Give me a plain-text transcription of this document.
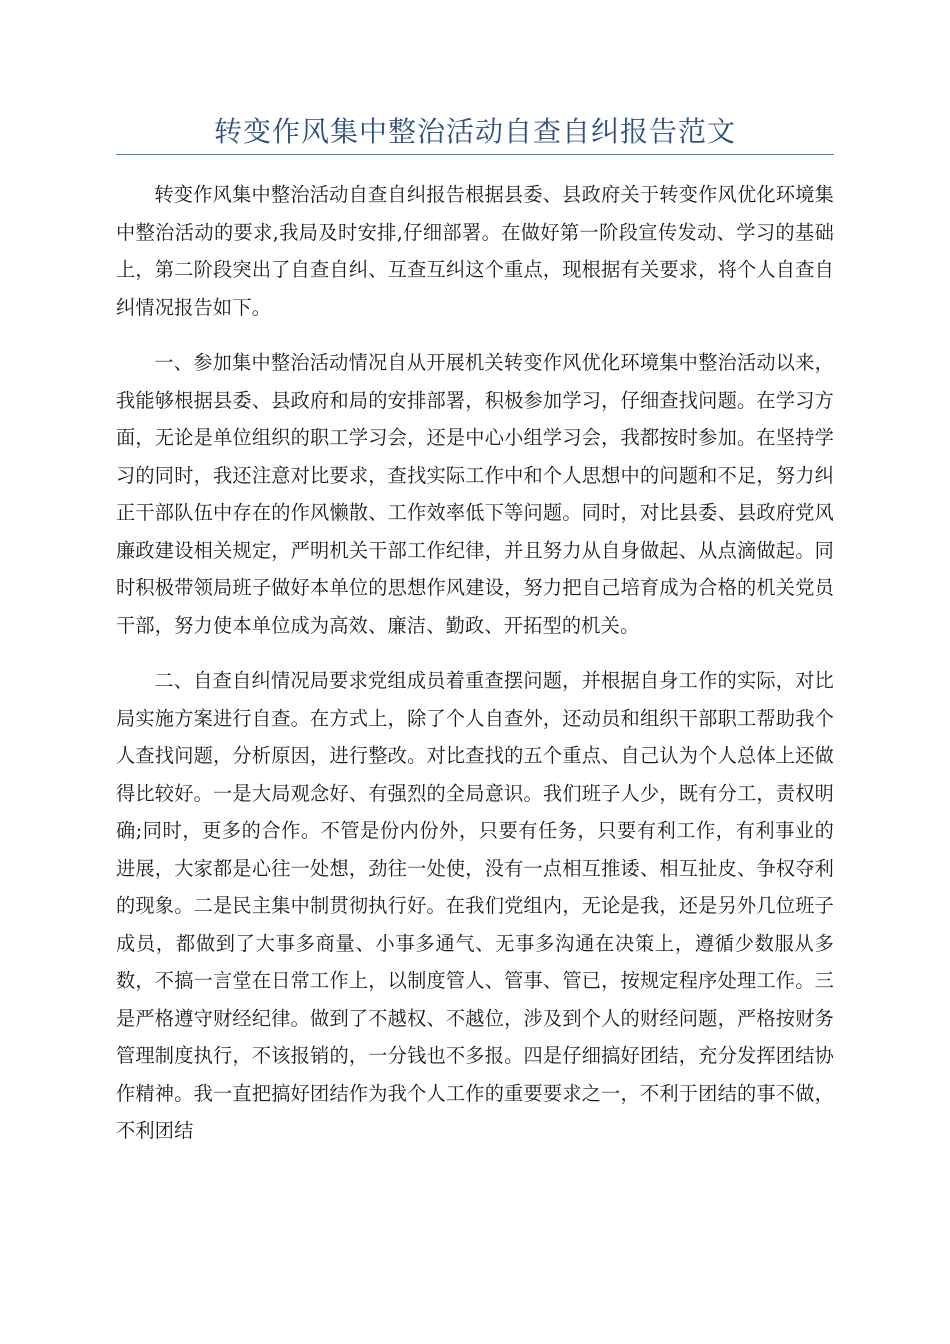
转变作风集中整治活动自查自纠报告范文

转变作风集中整治活动自查自纠报告根据县委、县政府关于转变作风优化环境集中整治活动的要求,我局及时安排,仔细部署。在做好第一阶段宣传发动、学习的基础上，第二阶段突出了自查自纠、互查互纠这个重点，现根据有关要求，将个人自查自纠情况报告如下。

一、参加集中整治活动情况自从开展机关转变作风优化环境集中整治活动以来，我能够根据县委、县政府和局的安排部署，积极参加学习，仔细查找问题。在学习方面，无论是单位组织的职工学习会，还是中心小组学习会，我都按时参加。在坚持学习的同时，我还注意对比要求，查找实际工作中和个人思想中的问题和不足，努力纠正干部队伍中存在的作风懒散、工作效率低下等问题。同时，对比县委、县政府党风廉政建设相关规定，严明机关干部工作纪律，并且努力从自身做起、从点滴做起。同时积极带领局班子做好本单位的思想作风建设，努力把自己培育成为合格的机关党员干部，努力使本单位成为高效、廉洁、勤政、开拓型的机关。

二、自查自纠情况局要求党组成员着重查摆问题，并根据自身工作的实际，对比局实施方案进行自查。在方式上，除了个人自查外，还动员和组织干部职工帮助我个人查找问题，分析原因，进行整改。对比查找的五个重点、自己认为个人总体上还做得比较好。一是大局观念好、有强烈的全局意识。我们班子人少，既有分工，责权明确;同时，更多的合作。不管是份内份外，只要有任务，只要有利工作，有利事业的进展，大家都是心往一处想，劲往一处使，没有一点相互推诿、相互扯皮、争权夺利的现象。二是民主集中制贯彻执行好。在我们党组内，无论是我，还是另外几位班子成员，都做到了大事多商量、小事多通气、无事多沟通在决策上，遵循少数服从多数，不搞一言堂在日常工作上，以制度管人、管事、管已，按规定程序处理工作。三是严格遵守财经纪律。做到了不越权、不越位，涉及到个人的财经问题，严格按财务管理制度执行，不该报销的，一分钱也不多报。四是仔细搞好团结，充分发挥团结协作精神。我一直把搞好团结作为我个人工作的重要要求之一，不利于团结的事不做，不利团结
